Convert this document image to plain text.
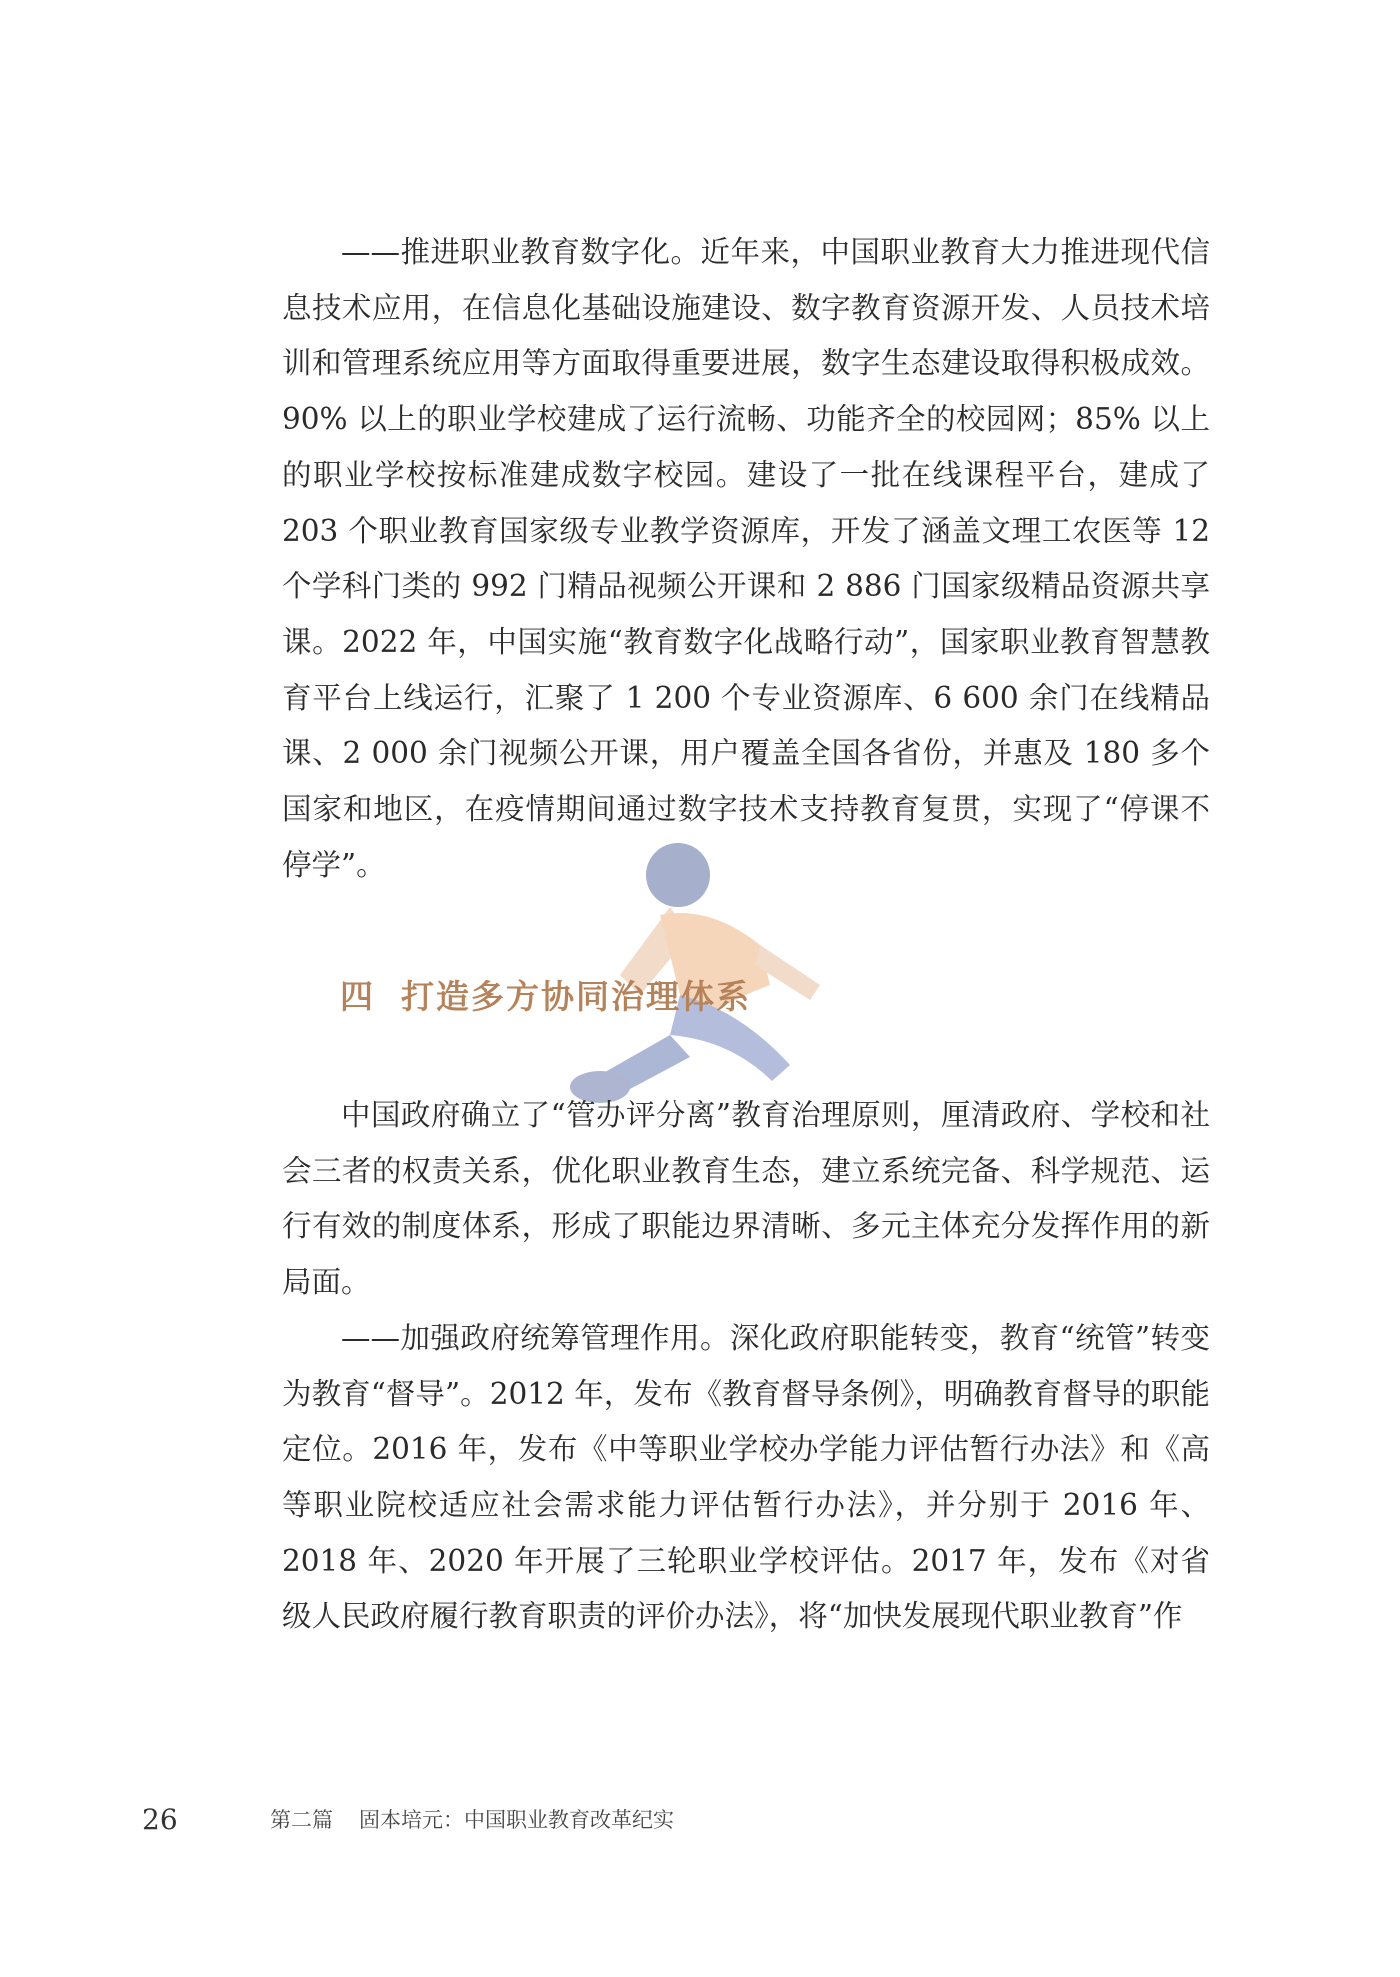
——推进职业教育数字化。近年来，中国职业教育大力推进现代信息技术应用，在信息化基础设施建设、数字教育资源开发、人员技术培训和管理系统应用等方面取得重要进展，数字生态建设取得积极成效。90% 以上的职业学校建成了运行流畅、功能齐全的校园网；85% 以上的职业学校按标准建成数字校园。建设了一批在线课程平台，建成了 203 个职业教育国家级专业教学资源库，开发了涵盖文理工农医等 12 个学科门类的 992 门精品视频公开课和 2 886 门国家级精品资源共享课。2022 年，中国实施“教育数字化战略行动”，国家职业教育智慧教育平台上线运行，汇聚了 1 200 个专业资源库、6 600 余门在线精品课、2 000 余门视频公开课，用户覆盖全国各省份，并惠及 180 多个国家和地区，在疫情期间通过数字技术支持教育复贯，实现了“停课不停学”。

四 打造多方协同治理体系

中国政府确立了“管办评分离”教育治理原则，厘清政府、学校和社会三者的权责关系，优化职业教育生态，建立系统完备、科学规范、运行有效的制度体系，形成了职能边界清晰、多元主体充分发挥作用的新局面。

——加强政府统筹管理作用。深化政府职能转变，教育“统管”转变为教育“督导”。2012 年，发布《教育督导条例》，明确教育督导的职能定位。2016 年，发布《中等职业学校办学能力评估暂行办法》和《高等职业院校适应社会需求能力评估暂行办法》，并分别于 2016 年、2018 年、2020 年开展了三轮职业学校评估。2017 年，发布《对省级人民政府履行教育职责的评价办法》，将“加快发展现代职业教育”作

26	第二篇 固本培元：中国职业教育改革纪实
